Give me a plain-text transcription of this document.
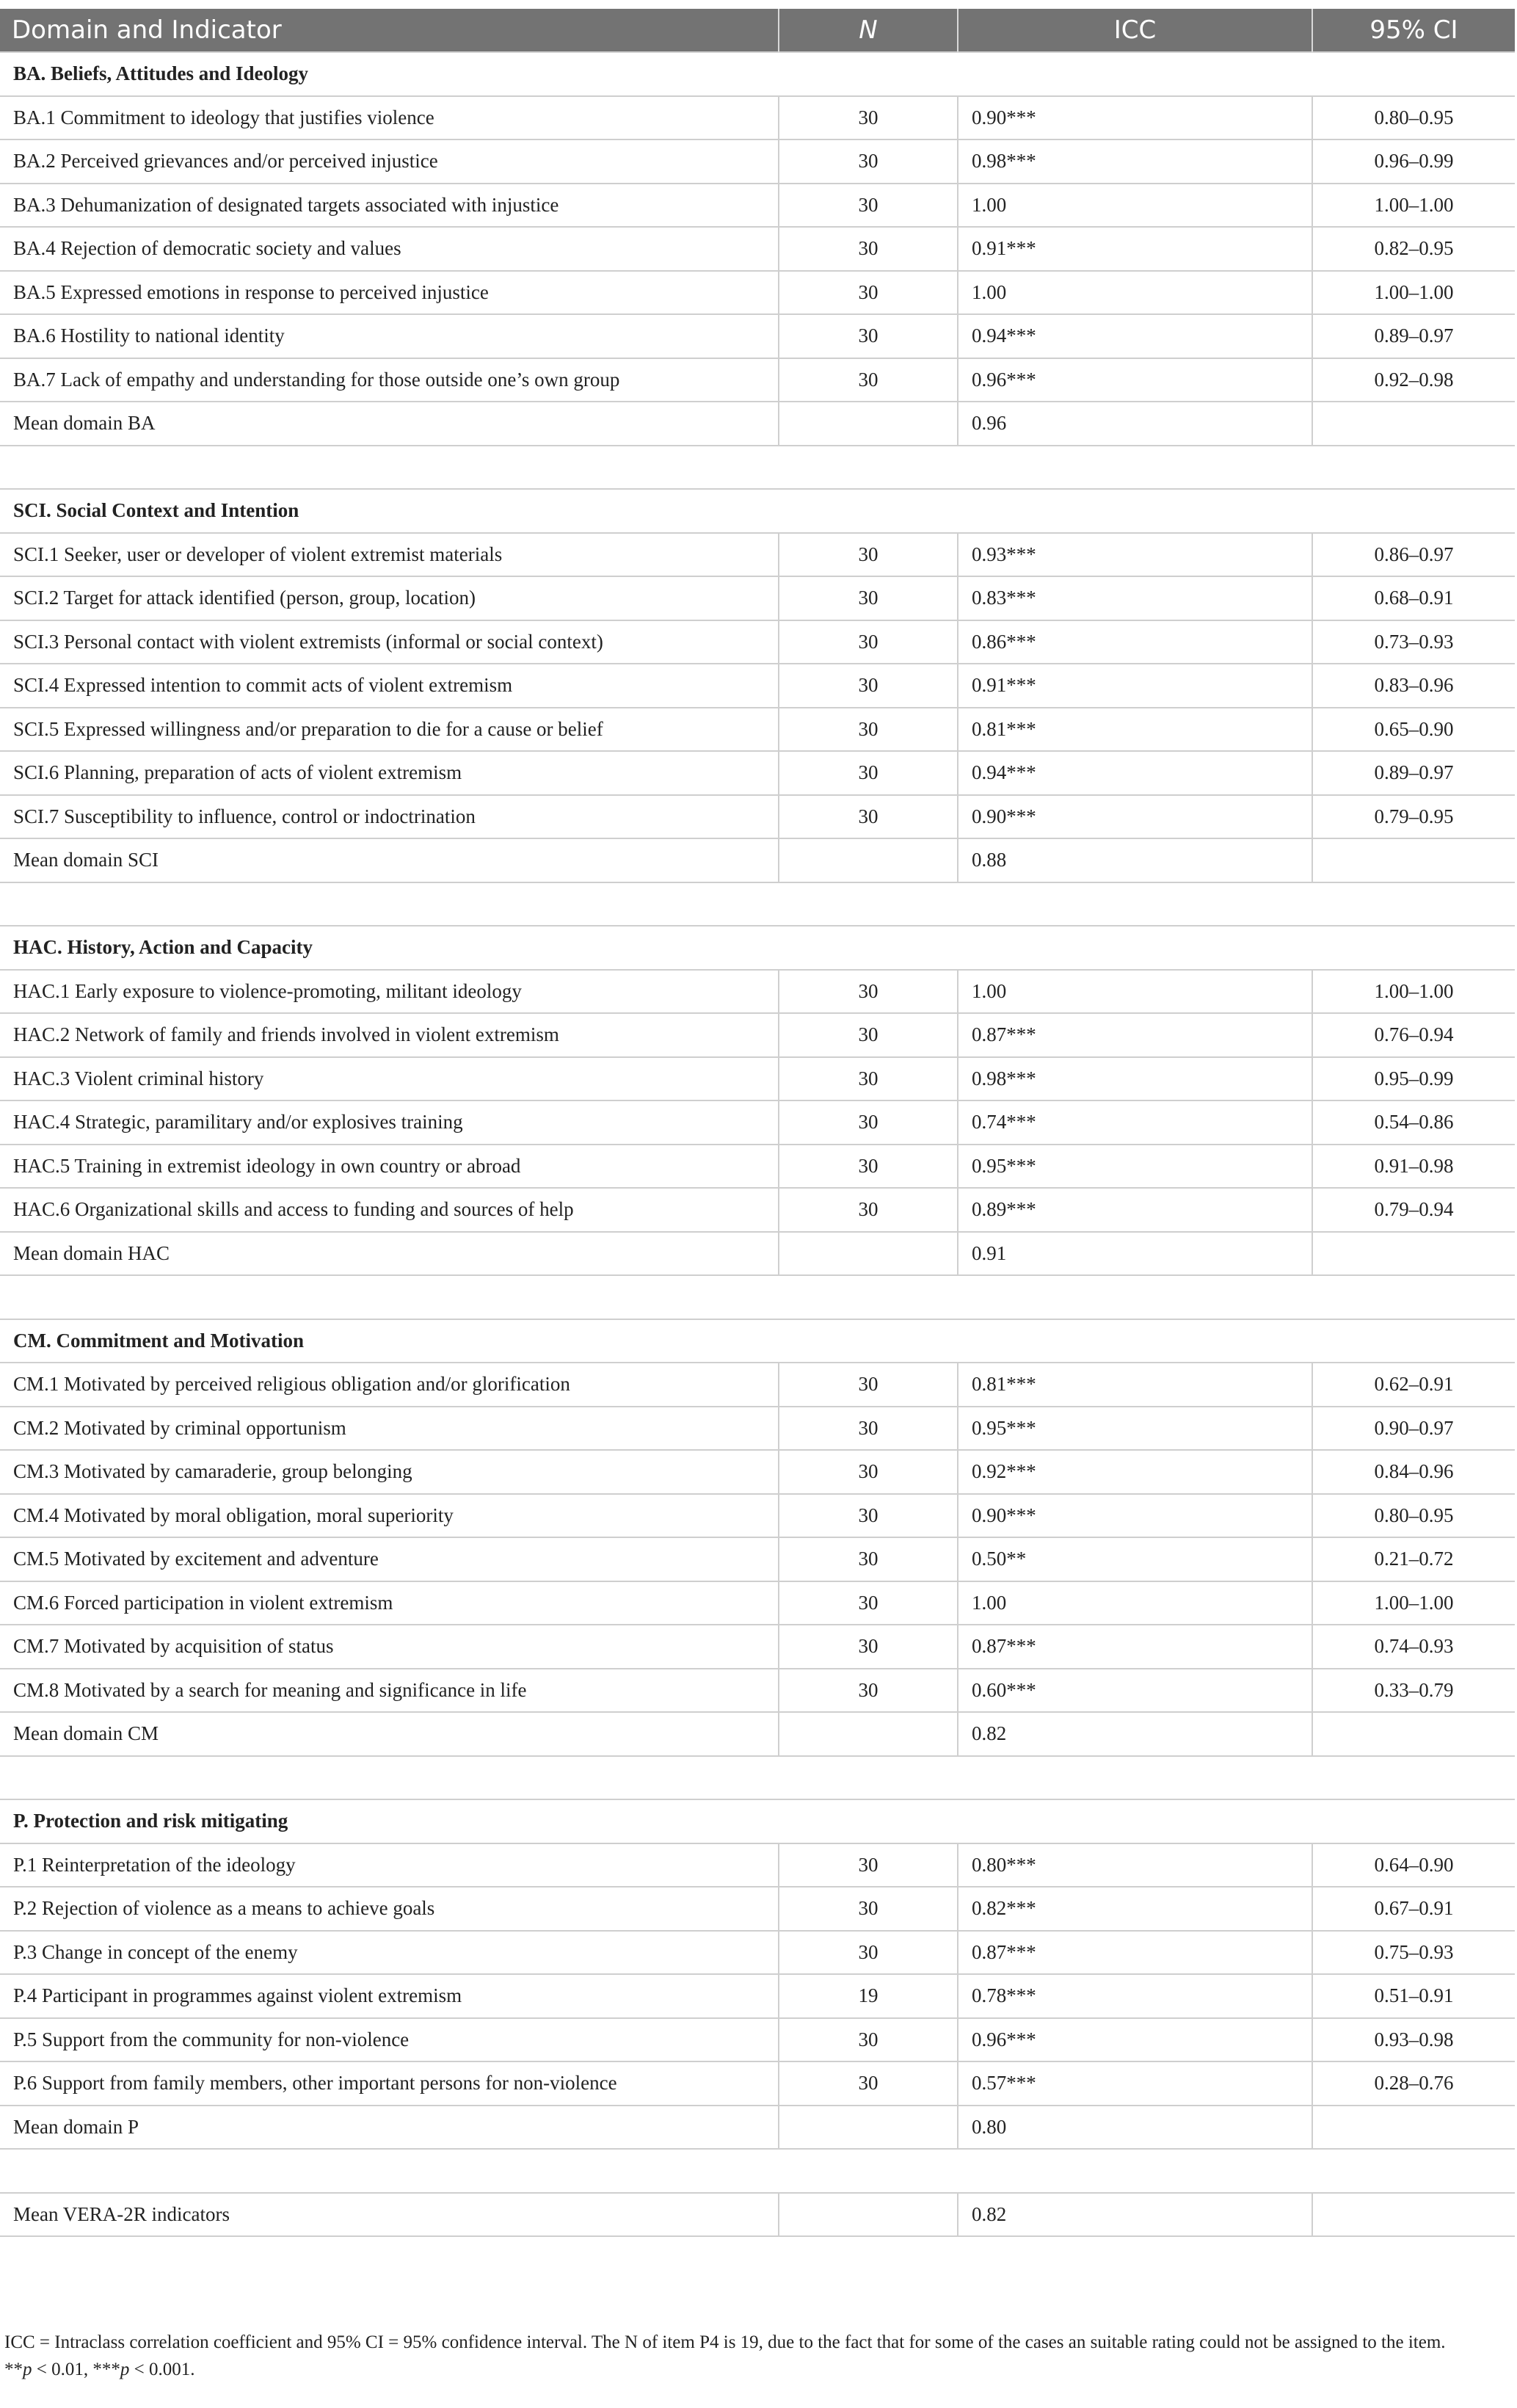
Domain and Indicator	N	ICC	95% CI
BA. Beliefs, Attitudes and Ideology			
BA.1 Commitment to ideology that justifies violence	30	0.90***	0.80–0.95
BA.2 Perceived grievances and/or perceived injustice	30	0.98***	0.96–0.99
BA.3 Dehumanization of designated targets associated with injustice	30	1.00	1.00–1.00
BA.4 Rejection of democratic society and values	30	0.91***	0.82–0.95
BA.5 Expressed emotions in response to perceived injustice	30	1.00	1.00–1.00
BA.6 Hostility to national identity	30	0.94***	0.89–0.97
BA.7 Lack of empathy and understanding for those outside one’s own group	30	0.96***	0.92–0.98
Mean domain BA		0.96	

SCI. Social Context and Intention			
SCI.1 Seeker, user or developer of violent extremist materials	30	0.93***	0.86–0.97
SCI.2 Target for attack identified (person, group, location)	30	0.83***	0.68–0.91
SCI.3 Personal contact with violent extremists (informal or social context)	30	0.86***	0.73–0.93
SCI.4 Expressed intention to commit acts of violent extremism	30	0.91***	0.83–0.96
SCI.5 Expressed willingness and/or preparation to die for a cause or belief	30	0.81***	0.65–0.90
SCI.6 Planning, preparation of acts of violent extremism	30	0.94***	0.89–0.97
SCI.7 Susceptibility to influence, control or indoctrination	30	0.90***	0.79–0.95
Mean domain SCI		0.88	

HAC. History, Action and Capacity			
HAC.1 Early exposure to violence-promoting, militant ideology	30	1.00	1.00–1.00
HAC.2 Network of family and friends involved in violent extremism	30	0.87***	0.76–0.94
HAC.3 Violent criminal history	30	0.98***	0.95–0.99
HAC.4 Strategic, paramilitary and/or explosives training	30	0.74***	0.54–0.86
HAC.5 Training in extremist ideology in own country or abroad	30	0.95***	0.91–0.98
HAC.6 Organizational skills and access to funding and sources of help	30	0.89***	0.79–0.94
Mean domain HAC		0.91	

CM. Commitment and Motivation			
CM.1 Motivated by perceived religious obligation and/or glorification	30	0.81***	0.62–0.91
CM.2 Motivated by criminal opportunism	30	0.95***	0.90–0.97
CM.3 Motivated by camaraderie, group belonging	30	0.92***	0.84–0.96
CM.4 Motivated by moral obligation, moral superiority	30	0.90***	0.80–0.95
CM.5 Motivated by excitement and adventure	30	0.50**	0.21–0.72
CM.6 Forced participation in violent extremism	30	1.00	1.00–1.00
CM.7 Motivated by acquisition of status	30	0.87***	0.74–0.93
CM.8 Motivated by a search for meaning and significance in life	30	0.60***	0.33–0.79
Mean domain CM		0.82	

P. Protection and risk mitigating			
P.1 Reinterpretation of the ideology	30	0.80***	0.64–0.90
P.2 Rejection of violence as a means to achieve goals	30	0.82***	0.67–0.91
P.3 Change in concept of the enemy	30	0.87***	0.75–0.93
P.4 Participant in programmes against violent extremism	19	0.78***	0.51–0.91
P.5 Support from the community for non-violence	30	0.96***	0.93–0.98
P.6 Support from family members, other important persons for non-violence	30	0.57***	0.28–0.76
Mean domain P		0.80	

Mean VERA-2R indicators		0.82	
ICC = Intraclass correlation coefficient and 95% CI = 95% confidence interval. The N of item P4 is 19, due to the fact that for some of the cases an suitable rating could not be assigned to the item.
**p < 0.01, ***p < 0.001.
